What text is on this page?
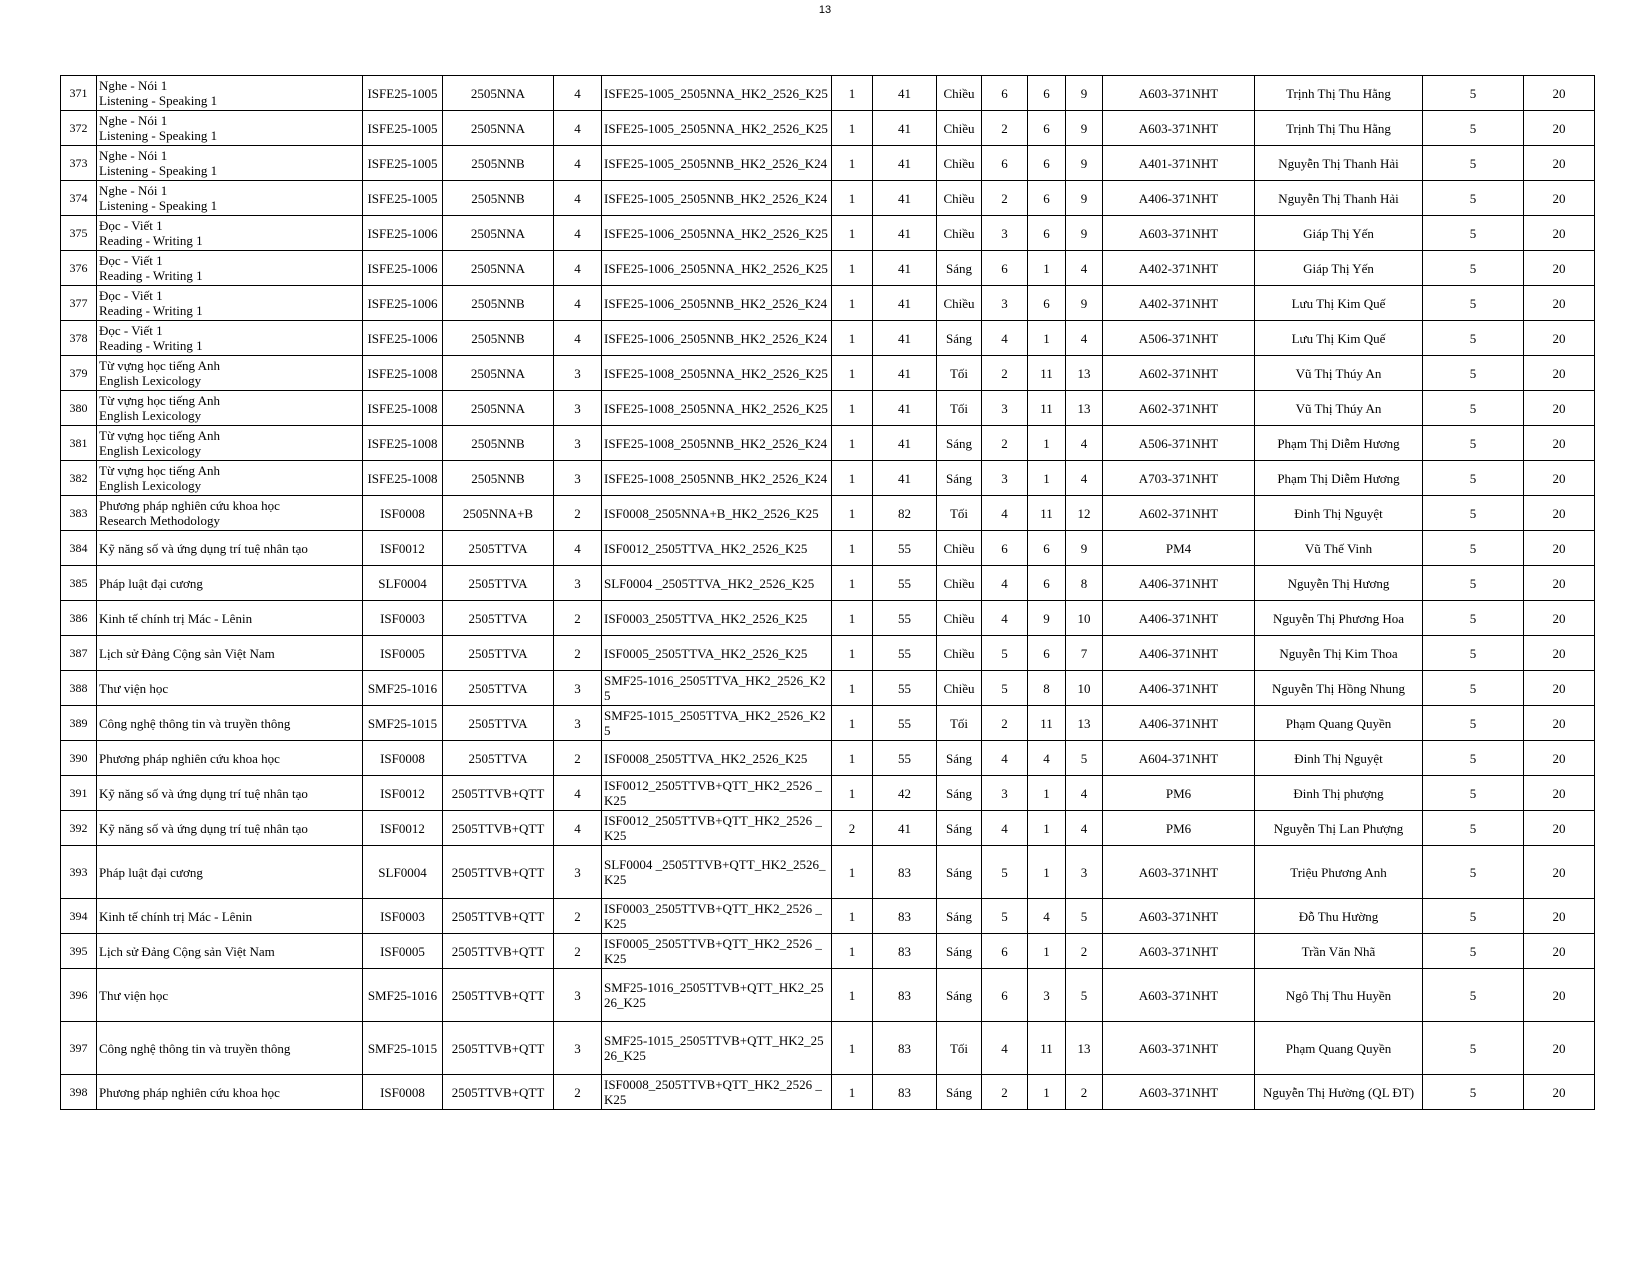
13
371	Nghe - Nói 1
Listening - Speaking 1	ISFE25-1005	2505NNA	4	ISFE25-1005_2505NNA_HK2_2526_K25	1	41	Chiều	6	6	9	A603-371NHT	Trịnh Thị Thu Hằng	5	20
372	Nghe - Nói 1
Listening - Speaking 1	ISFE25-1005	2505NNA	4	ISFE25-1005_2505NNA_HK2_2526_K25	1	41	Chiều	2	6	9	A603-371NHT	Trịnh Thị Thu Hằng	5	20
373	Nghe - Nói 1
Listening - Speaking 1	ISFE25-1005	2505NNB	4	ISFE25-1005_2505NNB_HK2_2526_K24	1	41	Chiều	6	6	9	A401-371NHT	Nguyễn Thị Thanh Hải	5	20
374	Nghe - Nói 1
Listening - Speaking 1	ISFE25-1005	2505NNB	4	ISFE25-1005_2505NNB_HK2_2526_K24	1	41	Chiều	2	6	9	A406-371NHT	Nguyễn Thị Thanh Hải	5	20
375	Đọc - Viết 1
Reading - Writing 1	ISFE25-1006	2505NNA	4	ISFE25-1006_2505NNA_HK2_2526_K25	1	41	Chiều	3	6	9	A603-371NHT	Giáp Thị Yến	5	20
376	Đọc - Viết 1
Reading - Writing 1	ISFE25-1006	2505NNA	4	ISFE25-1006_2505NNA_HK2_2526_K25	1	41	Sáng	6	1	4	A402-371NHT	Giáp Thị Yến	5	20
377	Đọc - Viết 1
Reading - Writing 1	ISFE25-1006	2505NNB	4	ISFE25-1006_2505NNB_HK2_2526_K24	1	41	Chiều	3	6	9	A402-371NHT	Lưu Thị Kim Quế	5	20
378	Đọc - Viết 1
Reading - Writing 1	ISFE25-1006	2505NNB	4	ISFE25-1006_2505NNB_HK2_2526_K24	1	41	Sáng	4	1	4	A506-371NHT	Lưu Thị Kim Quế	5	20
379	Từ vựng học tiếng Anh
English Lexicology	ISFE25-1008	2505NNA	3	ISFE25-1008_2505NNA_HK2_2526_K25	1	41	Tối	2	11	13	A602-371NHT	Vũ Thị Thúy An	5	20
380	Từ vựng học tiếng Anh
English Lexicology	ISFE25-1008	2505NNA	3	ISFE25-1008_2505NNA_HK2_2526_K25	1	41	Tối	3	11	13	A602-371NHT	Vũ Thị Thúy An	5	20
381	Từ vựng học tiếng Anh
English Lexicology	ISFE25-1008	2505NNB	3	ISFE25-1008_2505NNB_HK2_2526_K24	1	41	Sáng	2	1	4	A506-371NHT	Phạm Thị Diễm Hương	5	20
382	Từ vựng học tiếng Anh
English Lexicology	ISFE25-1008	2505NNB	3	ISFE25-1008_2505NNB_HK2_2526_K24	1	41	Sáng	3	1	4	A703-371NHT	Phạm Thị Diễm Hương	5	20
383	Phương pháp nghiên cứu khoa học
Research Methodology	ISF0008	2505NNA+B	2	ISF0008_2505NNA+B_HK2_2526_K25	1	82	Tối	4	11	12	A602-371NHT	Đinh Thị Nguyệt	5	20
384	Kỹ năng số và ứng dụng trí tuệ nhân tạo	ISF0012	2505TTVA	4	ISF0012_2505TTVA_HK2_2526_K25	1	55	Chiều	6	6	9	PM4	Vũ Thế Vinh	5	20
385	Pháp luật đại cương	SLF0004	2505TTVA	3	SLF0004 _2505TTVA_HK2_2526_K25	1	55	Chiều	4	6	8	A406-371NHT	Nguyễn Thị Hương	5	20
386	Kinh tế chính trị Mác - Lênin	ISF0003	2505TTVA	2	ISF0003_2505TTVA_HK2_2526_K25	1	55	Chiều	4	9	10	A406-371NHT	Nguyễn Thị Phương Hoa	5	20
387	Lịch sử Đảng Cộng sản Việt Nam	ISF0005	2505TTVA	2	ISF0005_2505TTVA_HK2_2526_K25	1	55	Chiều	5	6	7	A406-371NHT	Nguyễn Thị Kim Thoa	5	20
388	Thư viện học	SMF25-1016	2505TTVA	3	SMF25-1016_2505TTVA_HK2_2526_K25	1	55	Chiều	5	8	10	A406-371NHT	Nguyễn Thị Hồng Nhung	5	20
389	Công nghệ thông tin và truyền thông	SMF25-1015	2505TTVA	3	SMF25-1015_2505TTVA_HK2_2526_K25	1	55	Tối	2	11	13	A406-371NHT	Phạm Quang Quyền	5	20
390	Phương pháp nghiên cứu khoa học	ISF0008	2505TTVA	2	ISF0008_2505TTVA_HK2_2526_K25	1	55	Sáng	4	4	5	A604-371NHT	Đinh Thị Nguyệt	5	20
391	Kỹ năng số và ứng dụng trí tuệ nhân tạo	ISF0012	2505TTVB+QTT	4	ISF0012_2505TTVB+QTT_HK2_2526 _K25	1	42	Sáng	3	1	4	PM6	Đinh Thị phượng	5	20
392	Kỹ năng số và ứng dụng trí tuệ nhân tạo	ISF0012	2505TTVB+QTT	4	ISF0012_2505TTVB+QTT_HK2_2526 _K25	2	41	Sáng	4	1	4	PM6	Nguyễn Thị Lan Phượng	5	20
393	Pháp luật đại cương	SLF0004	2505TTVB+QTT	3	SLF0004 _2505TTVB+QTT_HK2_2526_K25	1	83	Sáng	5	1	3	A603-371NHT	Triệu Phương Anh	5	20
394	Kinh tế chính trị Mác - Lênin	ISF0003	2505TTVB+QTT	2	ISF0003_2505TTVB+QTT_HK2_2526 _K25	1	83	Sáng	5	4	5	A603-371NHT	Đỗ Thu Hường	5	20
395	Lịch sử Đảng Cộng sản Việt Nam	ISF0005	2505TTVB+QTT	2	ISF0005_2505TTVB+QTT_HK2_2526 _K25	1	83	Sáng	6	1	2	A603-371NHT	Trần Văn Nhã	5	20
396	Thư viện học	SMF25-1016	2505TTVB+QTT	3	SMF25-1016_2505TTVB+QTT_HK2_2526_K25	1	83	Sáng	6	3	5	A603-371NHT	Ngô Thị Thu Huyền	5	20
397	Công nghệ thông tin và truyền thông	SMF25-1015	2505TTVB+QTT	3	SMF25-1015_2505TTVB+QTT_HK2_2526_K25	1	83	Tối	4	11	13	A603-371NHT	Phạm Quang Quyền	5	20
398	Phương pháp nghiên cứu khoa học	ISF0008	2505TTVB+QTT	2	ISF0008_2505TTVB+QTT_HK2_2526 _K25	1	83	Sáng	2	1	2	A603-371NHT	Nguyễn Thị Hường (QL ĐT)	5	20
